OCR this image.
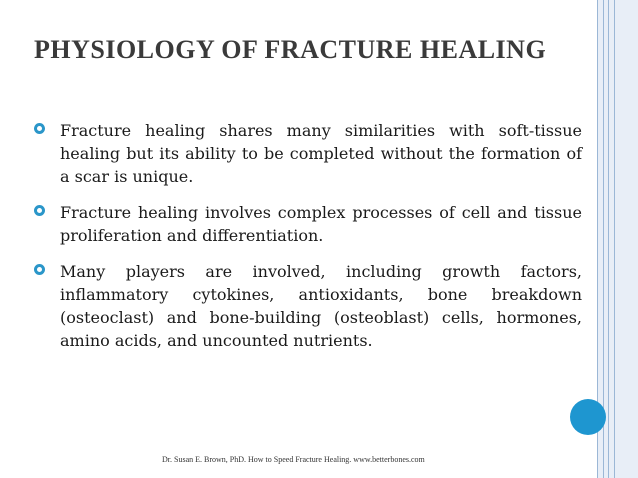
PHYSIOLOGY OF FRACTURE HEALING
Fracture healing shares many similarities with soft-tissue healing but its ability to be completed without the formation of a scar is unique.
Fracture healing involves complex processes of cell and tissue proliferation and differentiation.
Many players are involved, including growth factors, inflammatory cytokines, antioxidants, bone breakdown (osteoclast) and bone-building (osteoblast) cells, hormones, amino acids, and uncounted nutrients.
Dr. Susan E. Brown, PhD. How to Speed Fracture Healing. www.betterbones.com
